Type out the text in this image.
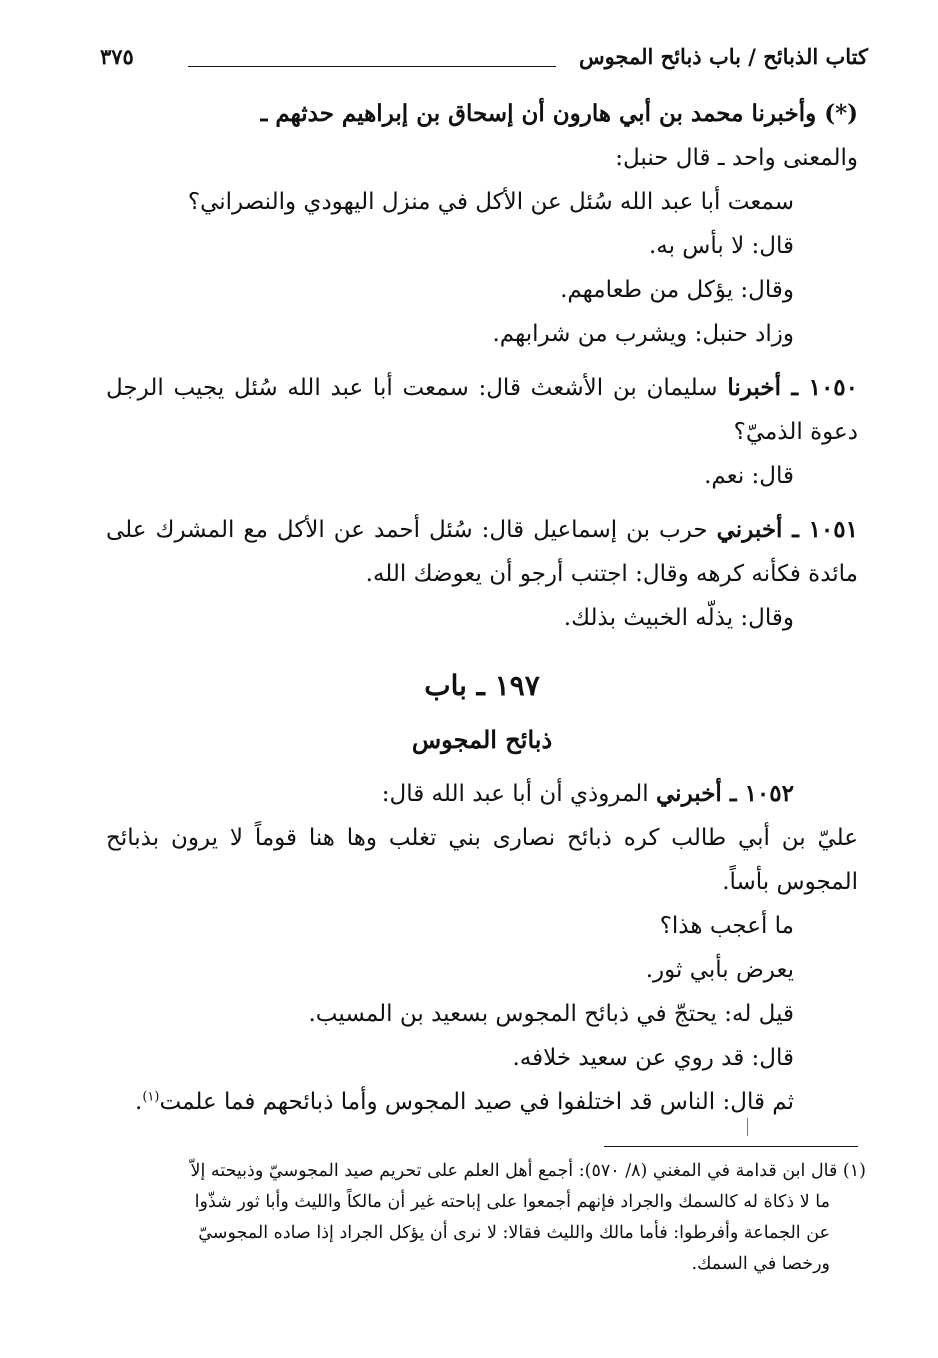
كتاب الذبائح / باب ذبائح المجوس
٣٧٥

(*) وأخبرنا محمد بن أبي هارون أن إسحاق بن إبراهيم حدثهم ـ

والمعنى واحد ـ قال حنبل:

سمعت أبا عبد الله سُئل عن الأكل في منزل اليهودي والنصراني؟

قال: لا بأس به.

وقال: يؤكل من طعامهم.

وزاد حنبل: ويشرب من شرابهم.

١٠٥٠ ـ أخبرنا سليمان بن الأشعث قال: سمعت أبا عبد الله سُئل يجيب الرجل دعوة الذميّ؟

قال: نعم.

١٠٥١ ـ أخبرني حرب بن إسماعيل قال: سُئل أحمد عن الأكل مع المشرك على مائدة فكأنه كرهه وقال: اجتنب أرجو أن يعوضك الله.

وقال: يذلّه الخبيث بذلك.

١٩٧ ـ باب
ذبائح المجوس

١٠٥٢ ـ أخبرني المروذي أن أبا عبد الله قال:

عليّ بن أبي طالب كره ذبائح نصارى بني تغلب وها هنا قوماً لا يرون بذبائح المجوس بأساً.

ما أعجب هذا؟

يعرض بأبي ثور.

قيل له: يحتجّ في ذبائح المجوس بسعيد بن المسيب.

قال: قد روي عن سعيد خلافه.

ثم قال: الناس قد اختلفوا في صيد المجوس وأما ذبائحهم فما علمت$^{(١)}$.

(١) قال ابن قدامة في المغني (٨/ ٥٧٠): أجمع أهل العلم على تحريم صيد المجوسيّ وذبيحته إلاّ

ما لا ذكاة له كالسمك والجراد فإنهم أجمعوا على إباحته غير أن مالكاً والليث وأبا ثور شذّوا

عن الجماعة وأفرطوا: فأما مالك والليث فقالا: لا نرى أن يؤكل الجراد إذا صاده المجوسيّ

ورخصا في السمك.
